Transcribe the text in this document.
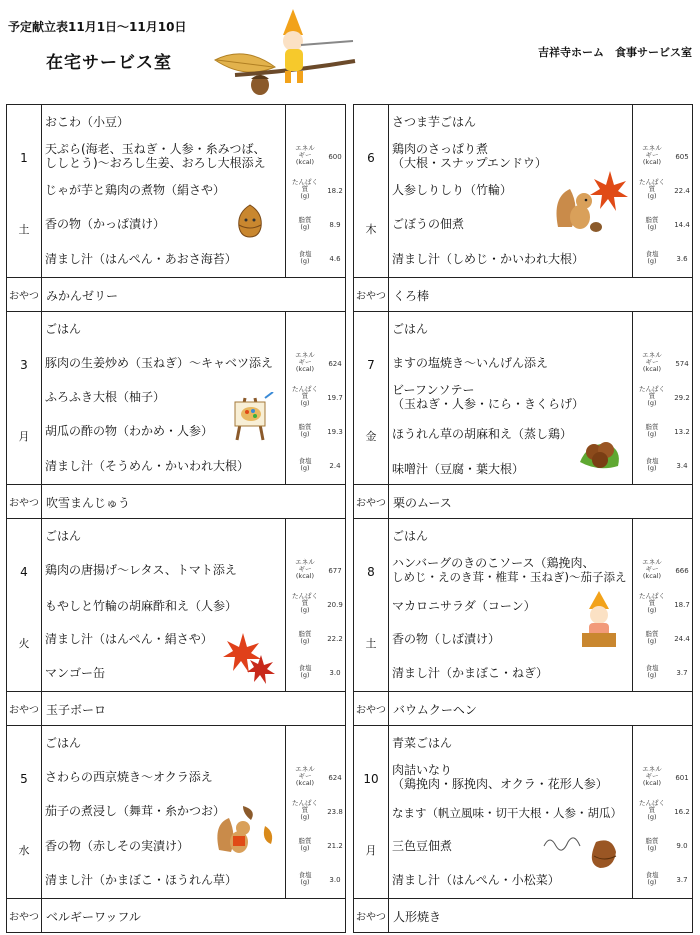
予定献立表11月1日～11月10日
在宅サービス室
吉祥寺ホーム　食事サービス室
1
土
おこわ（小豆）
天ぷら(海老、玉ねぎ・人参・糸みつば、
ししとう)～おろし生姜、おろし大根添え
じゃが芋と鶏肉の煮物（絹さや）
香の物（かっぱ漬け）
清まし汁（はんぺん・あおさ海苔）
エネル
ギー
(kcal)
600
たんぱく
質
(g)
18.2
脂質
(g)	8.9
食塩
(g)	4.6
おやつ みかんゼリー
6
木
さつま芋ごはん
鶏肉のさっぱり煮
（大根・スナップエンドウ）
人参しりしり（竹輪）
ごぼうの佃煮
清まし汁（しめじ・かいわれ大根）
エネル
ギー
(kcal)
605
たんぱく
質
(g)
22.4
脂質
(g)	14.4
食塩
(g)	3.6
おやつ くろ棒
3
月
ごはん
豚肉の生姜炒め（玉ねぎ）～キャベツ添え
ふろふき大根（柚子）
胡瓜の酢の物（わかめ・人参）
清まし汁（そうめん・かいわれ大根）
エネル
ギー
(kcal)
624
たんぱく
質
(g)
19.7
脂質
(g)	19.3
食塩
(g)	2.4
おやつ 吹雪まんじゅう
7
金
ごはん
ますの塩焼き～いんげん添え
ビーフンソテー
（玉ねぎ・人参・にら・きくらげ）
ほうれん草の胡麻和え（蒸し鶏）
味噌汁（豆腐・葉大根）
エネル
ギー
(kcal)
574
たんぱく
質
(g)
29.2
脂質
(g)	13.2
食塩
(g)	3.4
おやつ 栗のムース
4
火
ごはん
鶏肉の唐揚げ～レタス、トマト添え
もやしと竹輪の胡麻酢和え（人参）
清まし汁（はんぺん・絹さや）
マンゴー缶
エネル
ギー
(kcal)
677
たんぱく
質
(g)
20.9
脂質
(g)	22.2
食塩
(g)	3.0
おやつ 玉子ボーロ
8
土
ごはん
ハンバーグのきのこソース（鶏挽肉、
しめじ・えのき茸・椎茸・玉ねぎ)～茄子添え
マカロニサラダ（コーン）
香の物（しば漬け）
清まし汁（かまぼこ・ねぎ）
エネル
ギー
(kcal)
666
たんぱく
質
(g)
18.7
脂質
(g)	24.4
食塩
(g)	3.7
おやつ バウムクーヘン
5
水
ごはん
さわらの西京焼き～オクラ添え
茄子の煮浸し（舞茸・糸かつお）
香の物（赤しその実漬け）
清まし汁（かまぼこ・ほうれん草）
エネル
ギー
(kcal)
624
たんぱく
質
(g)
23.8
脂質
(g)	21.2
食塩
(g)	3.0
おやつ ベルギーワッフル
10
月
青菜ごはん
肉詰いなり
（鶏挽肉・豚挽肉、オクラ・花形人参）
なます（帆立風味・切干大根・人参・胡瓜）
三色豆佃煮
清まし汁（はんぺん・小松菜）
エネル
ギー
(kcal)
601
たんぱく
質
(g)
16.2
脂質
(g)	9.0
食塩
(g)	3.7
おやつ 人形焼き
